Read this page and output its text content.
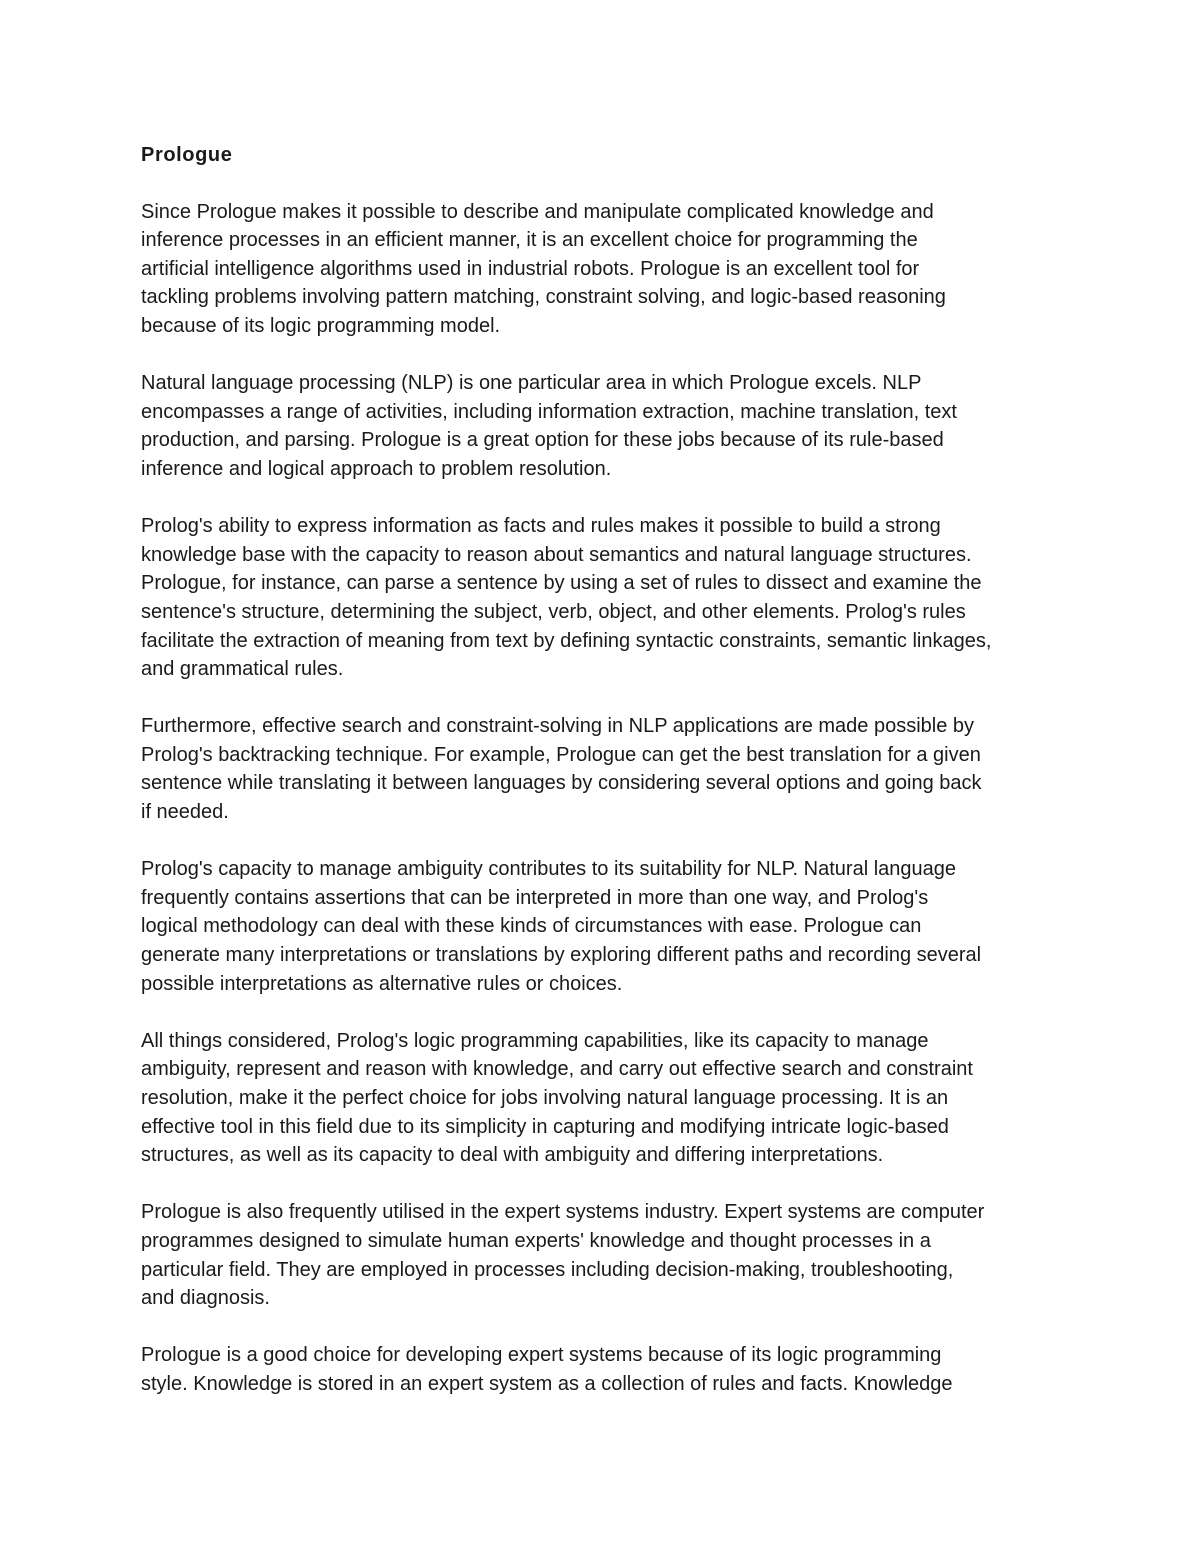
Prologue

Since Prologue makes it possible to describe and manipulate complicated knowledge and
inference processes in an efficient manner, it is an excellent choice for programming the
artificial intelligence algorithms used in industrial robots. Prologue is an excellent tool for
tackling problems involving pattern matching, constraint solving, and logic-based reasoning
because of its logic programming model.

Natural language processing (NLP) is one particular area in which Prologue excels. NLP
encompasses a range of activities, including information extraction, machine translation, text
production, and parsing. Prologue is a great option for these jobs because of its rule-based
inference and logical approach to problem resolution.

Prolog's ability to express information as facts and rules makes it possible to build a strong
knowledge base with the capacity to reason about semantics and natural language structures.
Prologue, for instance, can parse a sentence by using a set of rules to dissect and examine the
sentence's structure, determining the subject, verb, object, and other elements. Prolog's rules
facilitate the extraction of meaning from text by defining syntactic constraints, semantic linkages,
and grammatical rules.

Furthermore, effective search and constraint-solving in NLP applications are made possible by
Prolog's backtracking technique. For example, Prologue can get the best translation for a given
sentence while translating it between languages by considering several options and going back
if needed.

Prolog's capacity to manage ambiguity contributes to its suitability for NLP. Natural language
frequently contains assertions that can be interpreted in more than one way, and Prolog's
logical methodology can deal with these kinds of circumstances with ease. Prologue can
generate many interpretations or translations by exploring different paths and recording several
possible interpretations as alternative rules or choices.

All things considered, Prolog's logic programming capabilities, like its capacity to manage
ambiguity, represent and reason with knowledge, and carry out effective search and constraint
resolution, make it the perfect choice for jobs involving natural language processing. It is an
effective tool in this field due to its simplicity in capturing and modifying intricate logic-based
structures, as well as its capacity to deal with ambiguity and differing interpretations.

Prologue is also frequently utilised in the expert systems industry. Expert systems are computer
programmes designed to simulate human experts' knowledge and thought processes in a
particular field. They are employed in processes including decision-making, troubleshooting,
and diagnosis.

Prologue is a good choice for developing expert systems because of its logic programming
style. Knowledge is stored in an expert system as a collection of rules and facts. Knowledge
